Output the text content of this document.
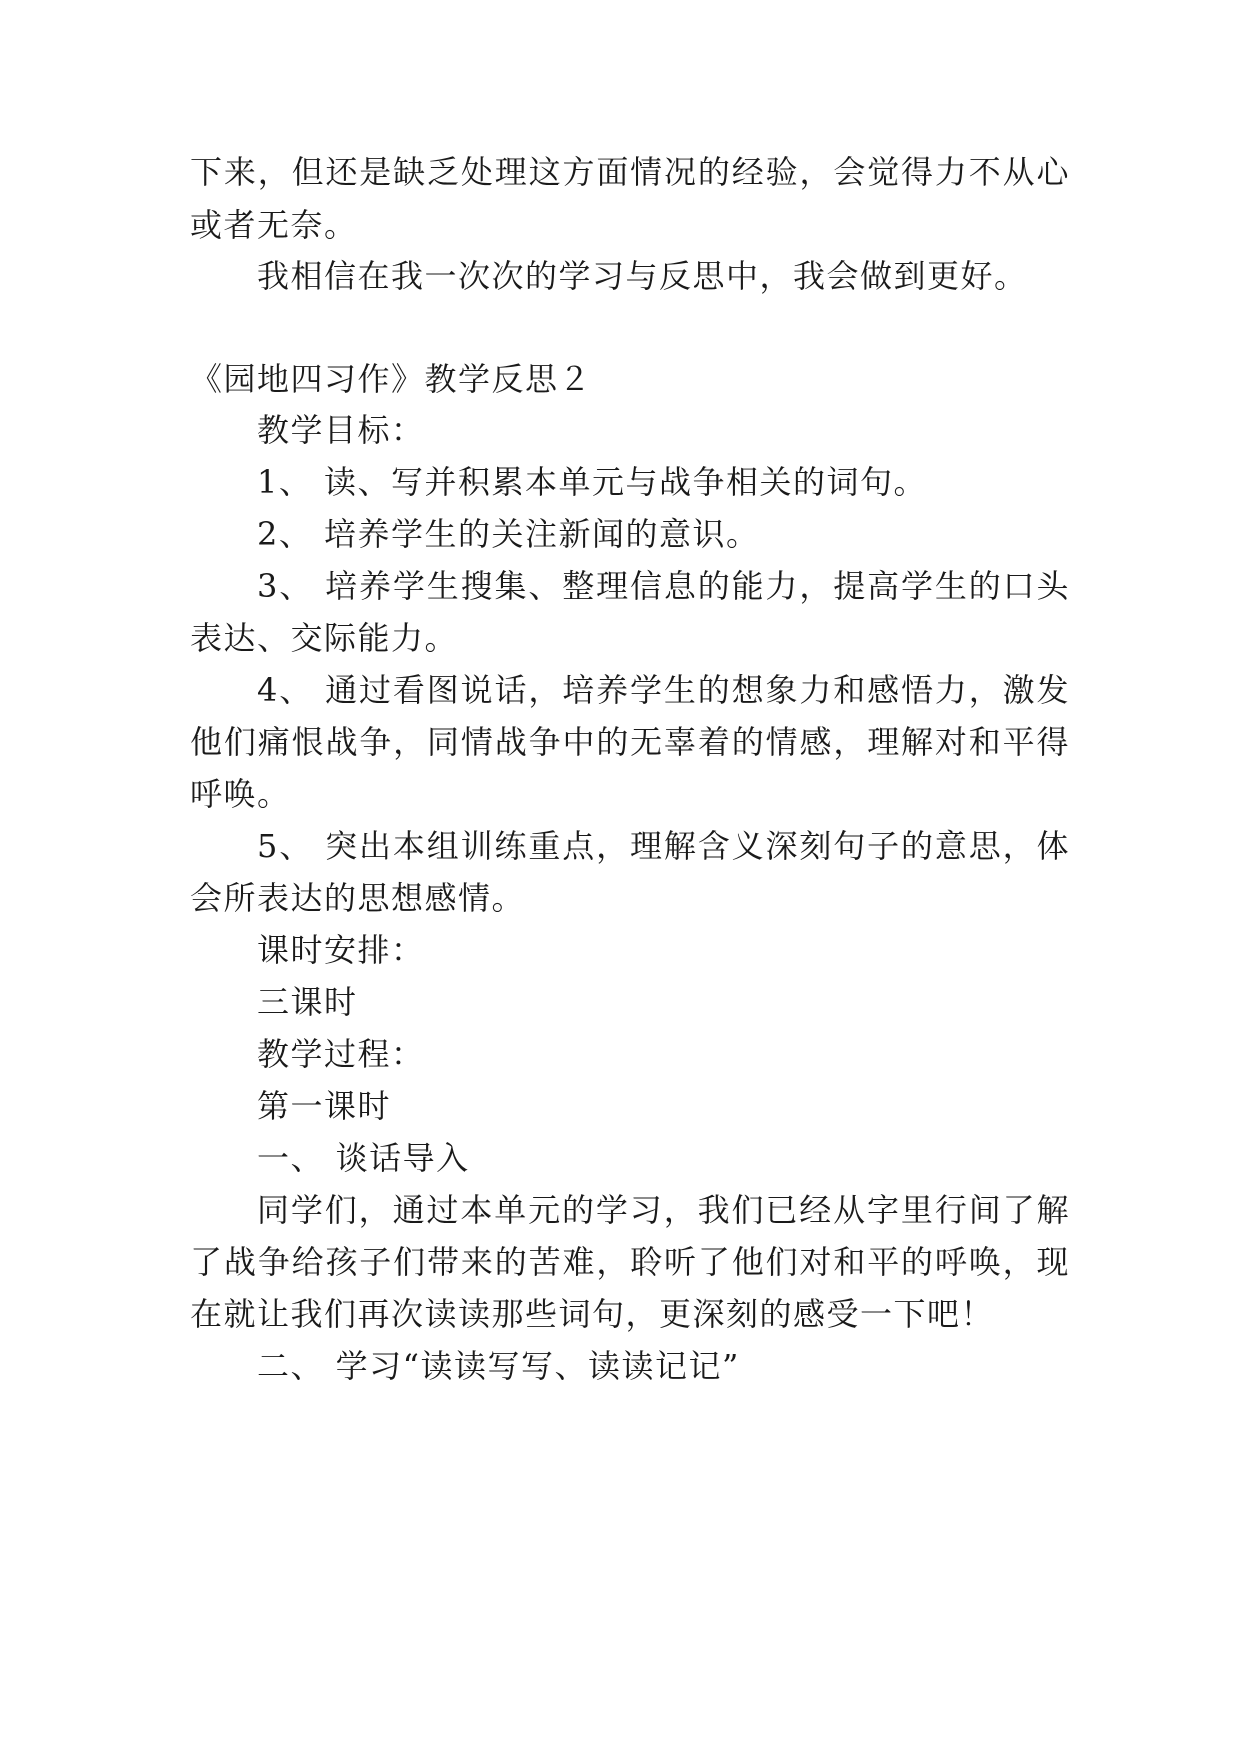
下来，但还是缺乏处理这方面情况的经验，会觉得力不从心
或者无奈。
我相信在我一次次的学习与反思中，我会做到更好。
《园地四习作》教学反思２
教学目标：
1、 读、写并积累本单元与战争相关的词句。
2、 培养学生的关注新闻的意识。
3、 培养学生搜集、整理信息的能力，提高学生的口头
表达、交际能力。
4、 通过看图说话，培养学生的想象力和感悟力，激发
他们痛恨战争，同情战争中的无辜着的情感，理解对和平得
呼唤。
5、 突出本组训练重点，理解含义深刻句子的意思，体
会所表达的思想感情。
课时安排：
三课时
教学过程：
第一课时
一、 谈话导入
同学们，通过本单元的学习，我们已经从字里行间了解
了战争给孩子们带来的苦难，聆听了他们对和平的呼唤，现
在就让我们再次读读那些词句，更深刻的感受一下吧！
二、 学习“读读写写、读读记记”
